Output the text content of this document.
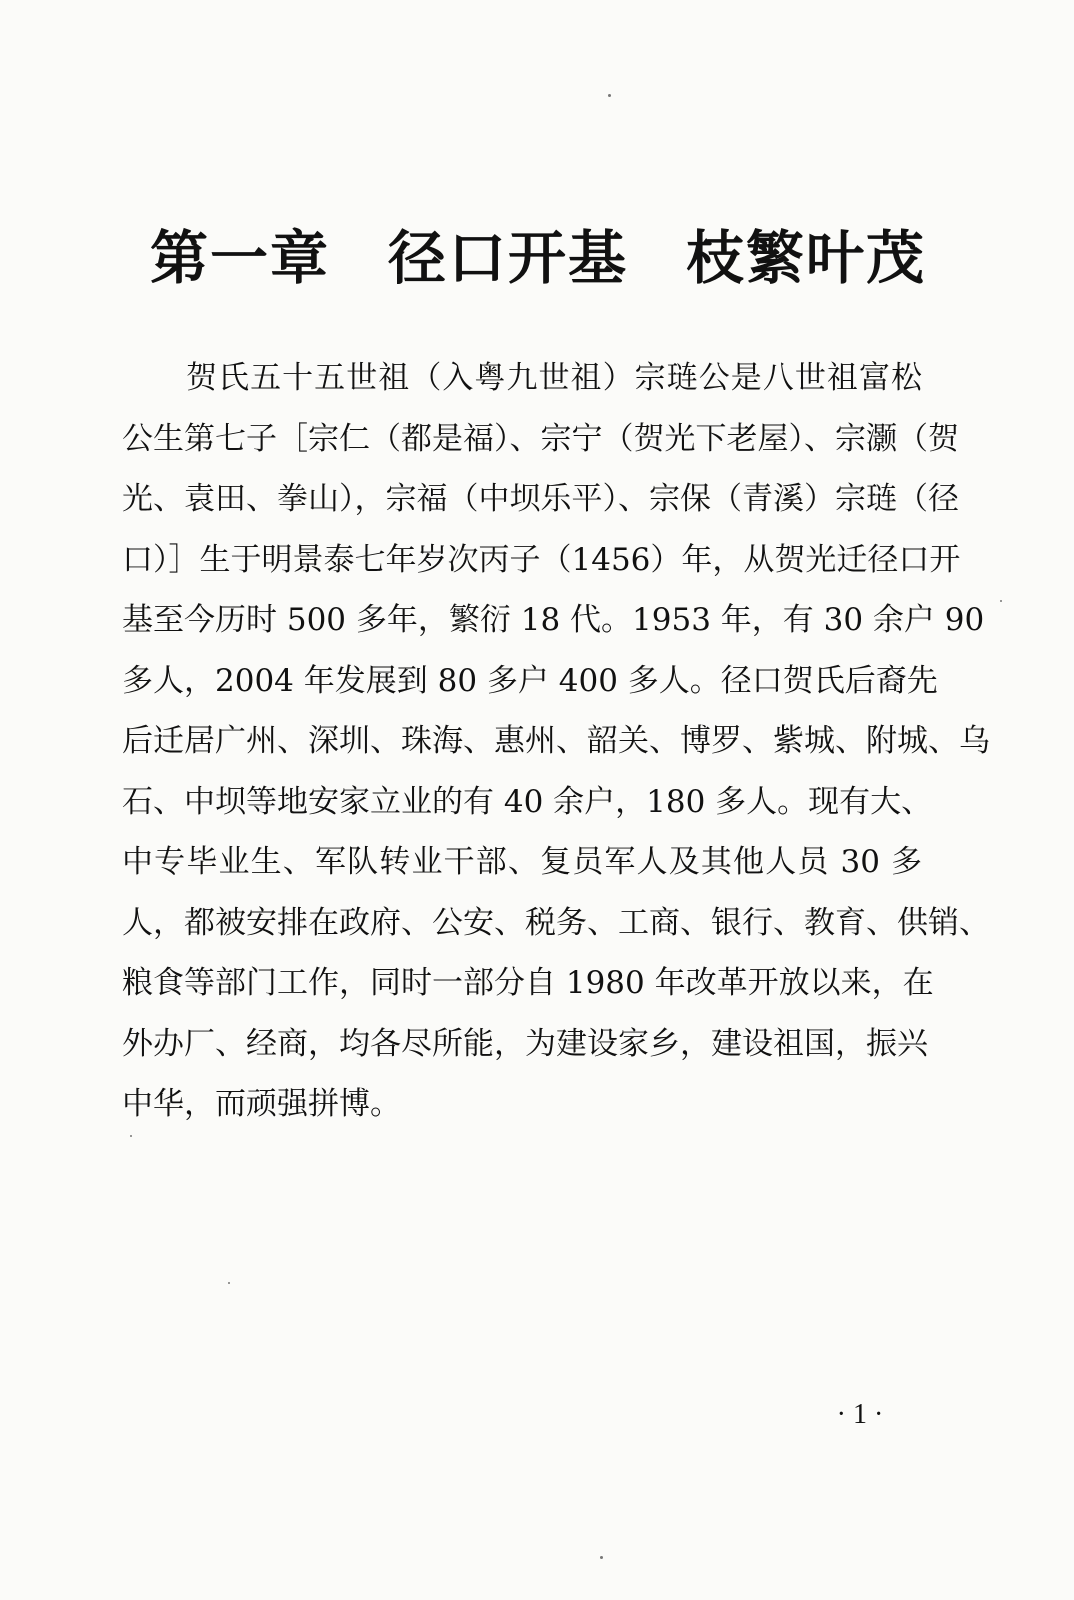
第一章 径口开基 枝繁叶茂
贺氏五十五世祖（入粤九世祖）宗琏公是八世祖富松
公生第七子［宗仁（都是福）、宗宁（贺光下老屋）、宗灏（贺
光、袁田、拳山），宗福（中坝乐平）、宗保（青溪）宗琏（径
口）］生于明景泰七年岁次丙子（1456）年，从贺光迁径口开
基至今历时 500 多年，繁衍 18 代。1953 年，有 30 余户 90
多人，2004 年发展到 80 多户 400 多人。径口贺氏后裔先
后迁居广州、深圳、珠海、惠州、韶关、博罗、紫城、附城、乌
石、中坝等地安家立业的有 40 余户，180 多人。现有大、
中专毕业生、军队转业干部、复员军人及其他人员 30 多
人，都被安排在政府、公安、税务、工商、银行、教育、供销、
粮食等部门工作，同时一部分自 1980 年改革开放以来，在
外办厂、经商，均各尽所能，为建设家乡，建设祖国，振兴
中华，而顽强拼博。
· 1 ·
